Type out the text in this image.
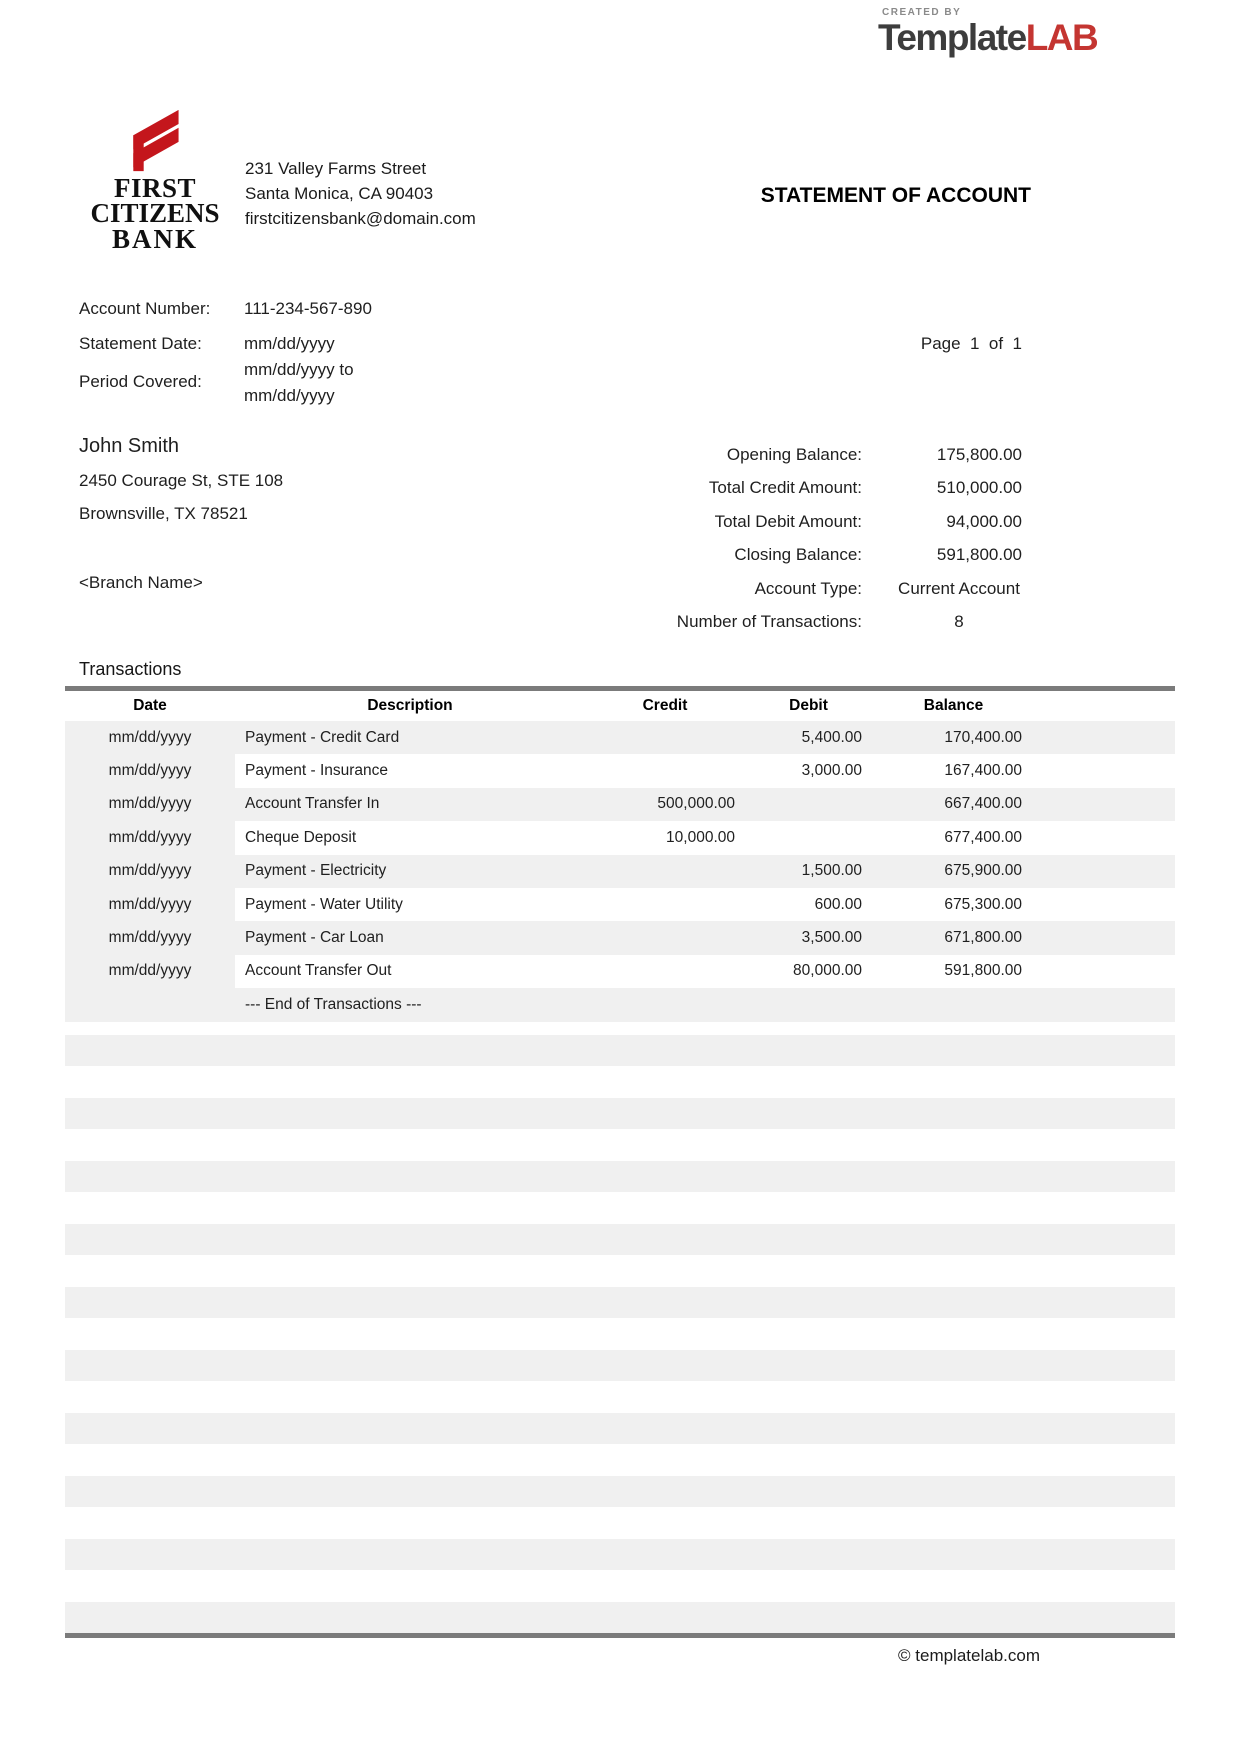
CREATED BY
TemplateLAB
FIRST
CITIZENS
BANK
231 Valley Farms Street
Santa Monica, CA 90403
firstcitizensbank@domain.com
STATEMENT OF ACCOUNT
Account Number: 111-234-567-890
Statement Date: mm/dd/yyyy
Period Covered:
mm/dd/yyyy to
mm/dd/yyyy
Page  1  of  1
John Smith
2450 Courage St, STE 108
Brownsville, TX 78521
<Branch Name>
Opening Balance:	175,800.00
Total Credit Amount:	510,000.00
Total Debit Amount:	94,000.00
Closing Balance:	591,800.00
Account Type:	Current Account
Number of Transactions:	8
Transactions
Date	Description	Credit	Debit	Balance	
mm/dd/yyyy	Payment - Credit Card		5,400.00	170,400.00	
mm/dd/yyyy	Payment - Insurance		3,000.00	167,400.00	
mm/dd/yyyy	Account Transfer In	500,000.00		667,400.00	
mm/dd/yyyy	Cheque Deposit	10,000.00		677,400.00	
mm/dd/yyyy	Payment - Electricity		1,500.00	675,900.00	
mm/dd/yyyy	Payment - Water Utility		600.00	675,300.00	
mm/dd/yyyy	Payment - Car Loan		3,500.00	671,800.00	
mm/dd/yyyy	Account Transfer Out		80,000.00	591,800.00	
	--- End of Transactions ---				
© templatelab.com
